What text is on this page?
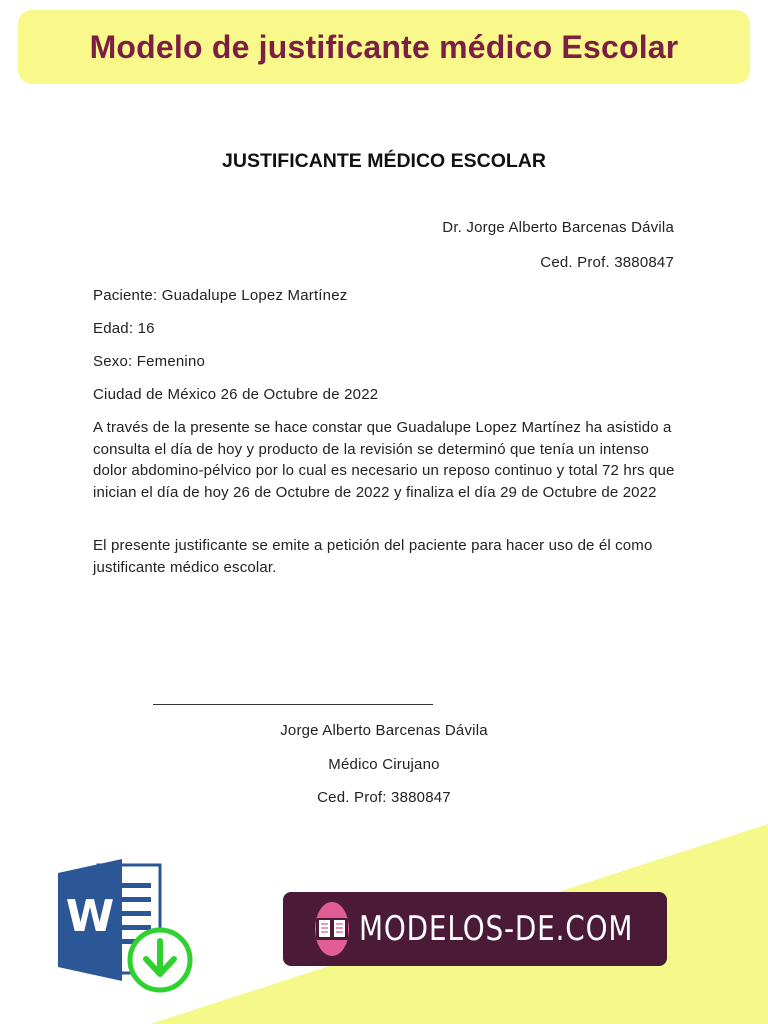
Modelo de justificante médico Escolar
JUSTIFICANTE MÉDICO ESCOLAR
Dr. Jorge Alberto Barcenas Dávila
Ced. Prof. 3880847
Paciente: Guadalupe Lopez Martínez
Edad: 16
Sexo: Femenino
Ciudad de México 26 de Octubre de 2022
A través de la presente se hace constar que Guadalupe Lopez Martínez ha asistido a consulta el día de hoy y producto de la revisión se determinó que tenía un intenso dolor abdomino-pélvico por lo cual es necesario un reposo continuo y total 72 hrs que inician el día de hoy 26 de Octubre de 2022 y finaliza el día 29 de Octubre de 2022
El presente justificante se emite a petición del paciente para hacer uso de él como justificante médico escolar.
Jorge Alberto Barcenas Dávila
Médico Cirujano
Ced. Prof: 3880847
W	MODELOS-DE.COM
